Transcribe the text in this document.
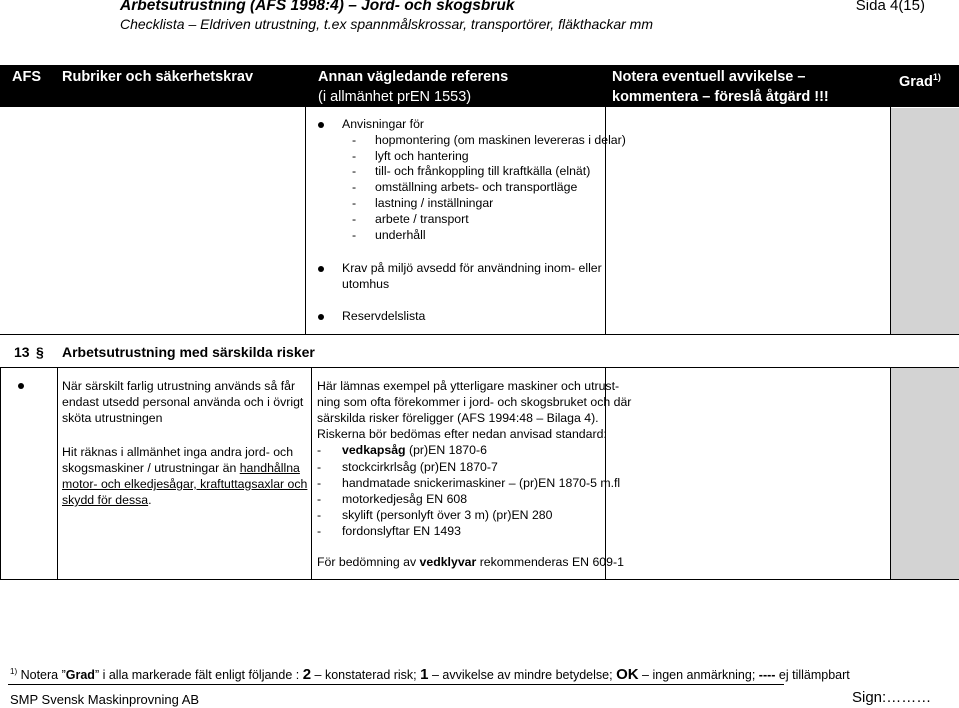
Arbetsutrustning (AFS 1998:4) – Jord- och skogsbruk
Checklista – Eldriven utrustning, t.ex spannmålskrossar, transportörer, fläkthackar mm
Sida 4(15)
AFS Rubriker och säkerhetskrav	Annan vägledande referens
(i allmänhet prEN 1553)
Notera eventuell avvikelse –
kommentera – föreslå åtgärd !!!
Grad$^{1)}$
Anvisningar för
- hopmontering (om maskinen levereras i delar)
- lyft och hantering
- till- och frånkoppling till kraftkälla (elnät)
- omställning arbets- och transportläge
- lastning / inställningar
- arbete / transport
- underhåll
Krav på miljö avsedd för användning inom- eller
utomhus
Reservdelslista
13 § Arbetsutrustning med särskilda risker
När särskilt farlig utrustning används så får
endast utsedd personal använda och i övrigt
sköta utrustningen
Hit räknas i allmänhet inga andra jord- och
skogsmaskiner / utrustningar än handhållna
motor- och elkedjesågar, kraftuttagsaxlar och
skydd för dessa.
Här lämnas exempel på ytterligare maskiner och utrust-
ning som ofta förekommer i jord- och skogsbruket och där
särskilda risker föreligger (AFS 1994:48 – Bilaga 4).
Riskerna bör bedömas efter nedan anvisad standard:
- vedkapsåg (pr)EN 1870-6
- stockcirkrlsåg (pr)EN 1870-7
- handmatade snickerimaskiner – (pr)EN 1870-5 m.fl
- motorkedjesåg EN 608
- skylift (personlyft över 3 m) (pr)EN 280
- fordonslyftar EN 1493
För bedömning av vedklyvar rekommenderas EN 609-1
$^{1)}$ Notera ”Grad” i alla markerade fält enligt följande : 2 – konstaterad risk; 1 – avvikelse av mindre betydelse; OK – ingen anmärkning; ---- ej tillämpbart
SMP Svensk Maskinprovning AB	Sign:………
